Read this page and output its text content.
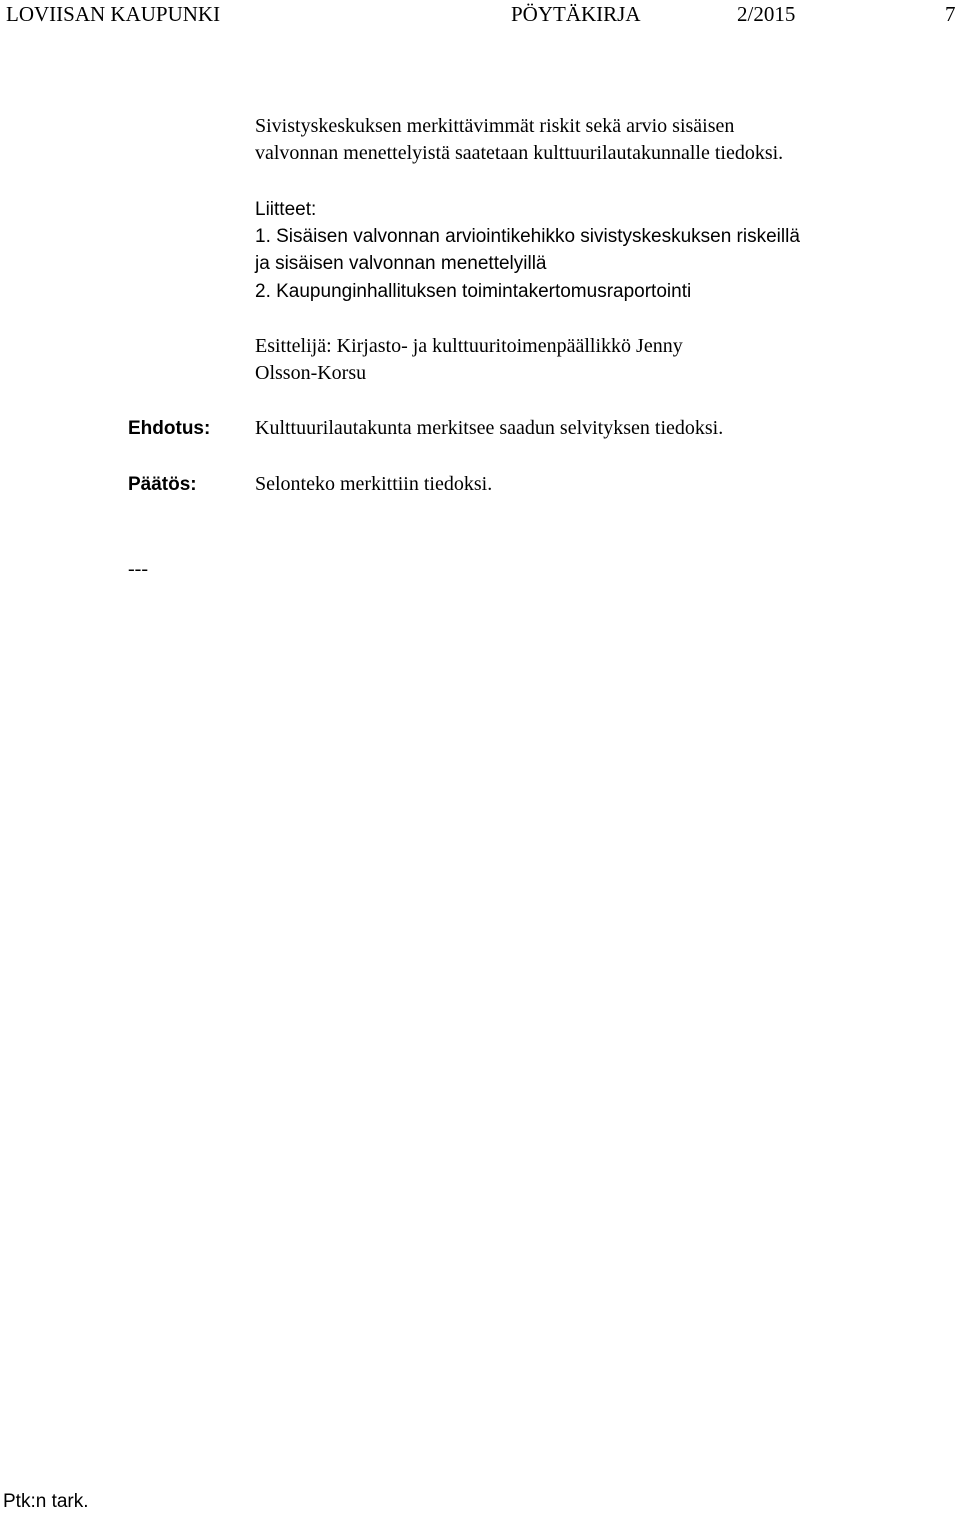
LOVIISAN KAUPUNKI	PÖYTÄKIRJA	2/2015	7
Sivistyskeskuksen merkittävimmät riskit sekä arvio sisäisen
valvonnan menettelyistä saatetaan kulttuurilautakunnalle tiedoksi.
Liitteet:
1. Sisäisen valvonnan arviointikehikko sivistyskeskuksen riskeillä
ja sisäisen valvonnan menettelyillä
2. Kaupunginhallituksen toimintakertomusraportointi
Esittelijä: Kirjasto- ja kulttuuritoimenpäällikkö Jenny
Olsson-Korsu
Ehdotus: Kulttuurilautakunta merkitsee saadun selvityksen tiedoksi.
Päätös:	Selonteko merkittiin tiedoksi.
---
Ptk:n tark.
